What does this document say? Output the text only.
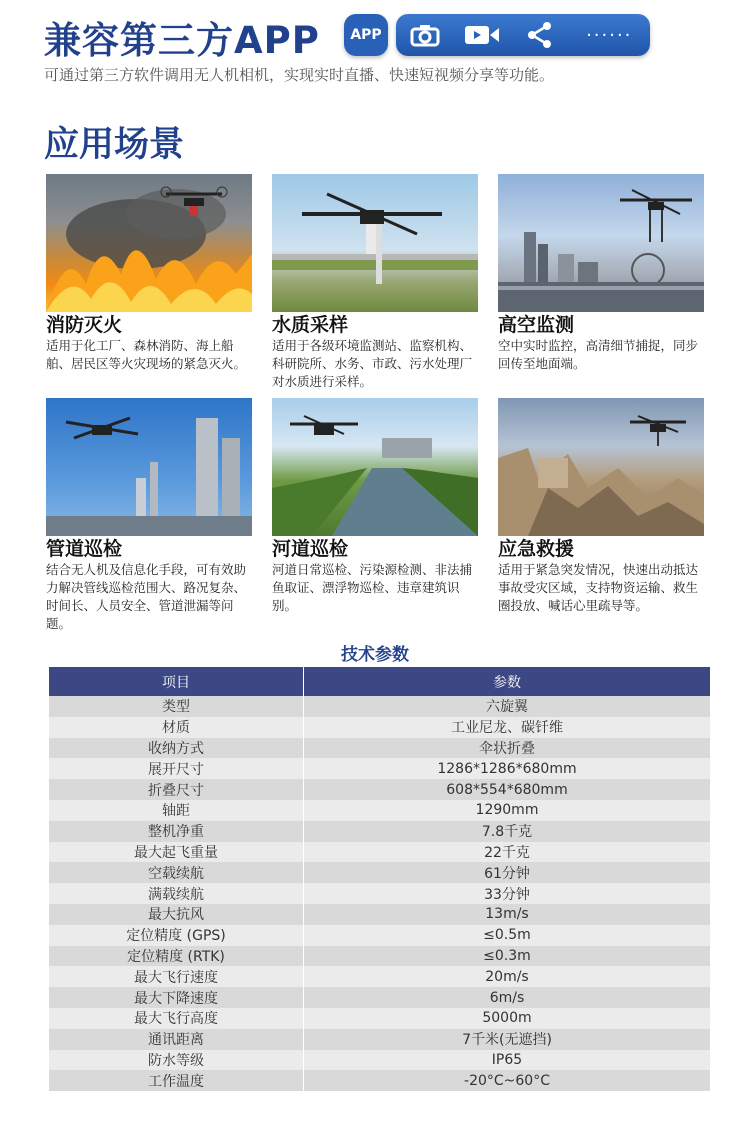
兼容第三方APP	APP	······
可通过第三方软件调用无人机相机，实现实时直播、快速短视频分享等功能。
应用场景
消防灭火
适用于化工厂、森林消防、海上船舶、居民区等火灾现场的紧急灭火。
水质采样
适用于各级环境监测站、监察机构、科研院所、水务、市政、污水处理厂对水质进行采样。
高空监测
空中实时监控，高清细节捕捉，同步回传至地面端。
管道巡检
结合无人机及信息化手段，可有效助力解决管线巡检范围大、路况复杂、时间长、人员安全、管道泄漏等问题。
河道巡检
河道日常巡检、污染源检测、非法捕鱼取证、漂浮物巡检、违章建筑识别。
应急救援
适用于紧急突发情况，快速出动抵达事故受灾区域，支持物资运输、救生圈投放、喊话心里疏导等。
技术参数
项目	参数
类型	六旋翼
材质	工业尼龙、碳钎维
收纳方式	伞状折叠
展开尺寸	1286*1286*680mm
折叠尺寸	608*554*680mm
轴距	1290mm
整机净重	7.8千克
最大起飞重量	22千克
空载续航	61分钟
满载续航	33分钟
最大抗风	13m/s
定位精度 (GPS)	≤0.5m
定位精度 (RTK)	≤0.3m
最大飞行速度	20m/s
最大下降速度	6m/s
最大飞行高度	5000m
通讯距离	7千米(无遮挡)
防水等级	IP65
工作温度	-20°C~60°C
